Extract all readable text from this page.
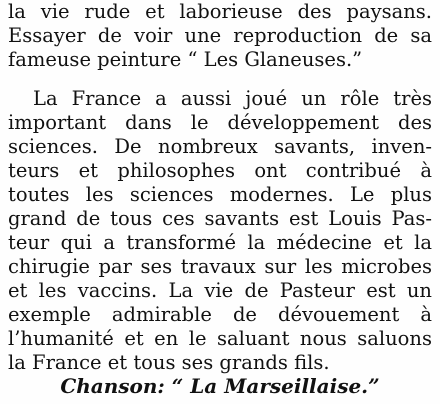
la vie rude et laborieuse des paysans.
Essayer de voir une reproduction de sa
fameuse peinture “ Les Glaneuses.”
La France a aussi joué un rôle très
important dans le développement des
sciences. De nombreux savants, inven-
teurs et philosophes ont contribué à
toutes les sciences modernes. Le plus
grand de tous ces savants est Louis Pas-
teur qui a transformé la médecine et la
chirugie par ses travaux sur les microbes
et les vaccins. La vie de Pasteur est un
exemple admirable de dévouement à
l’humanité et en le saluant nous saluons
la France et tous ses grands fils.
Chanson: “ La Marseillaise.”
